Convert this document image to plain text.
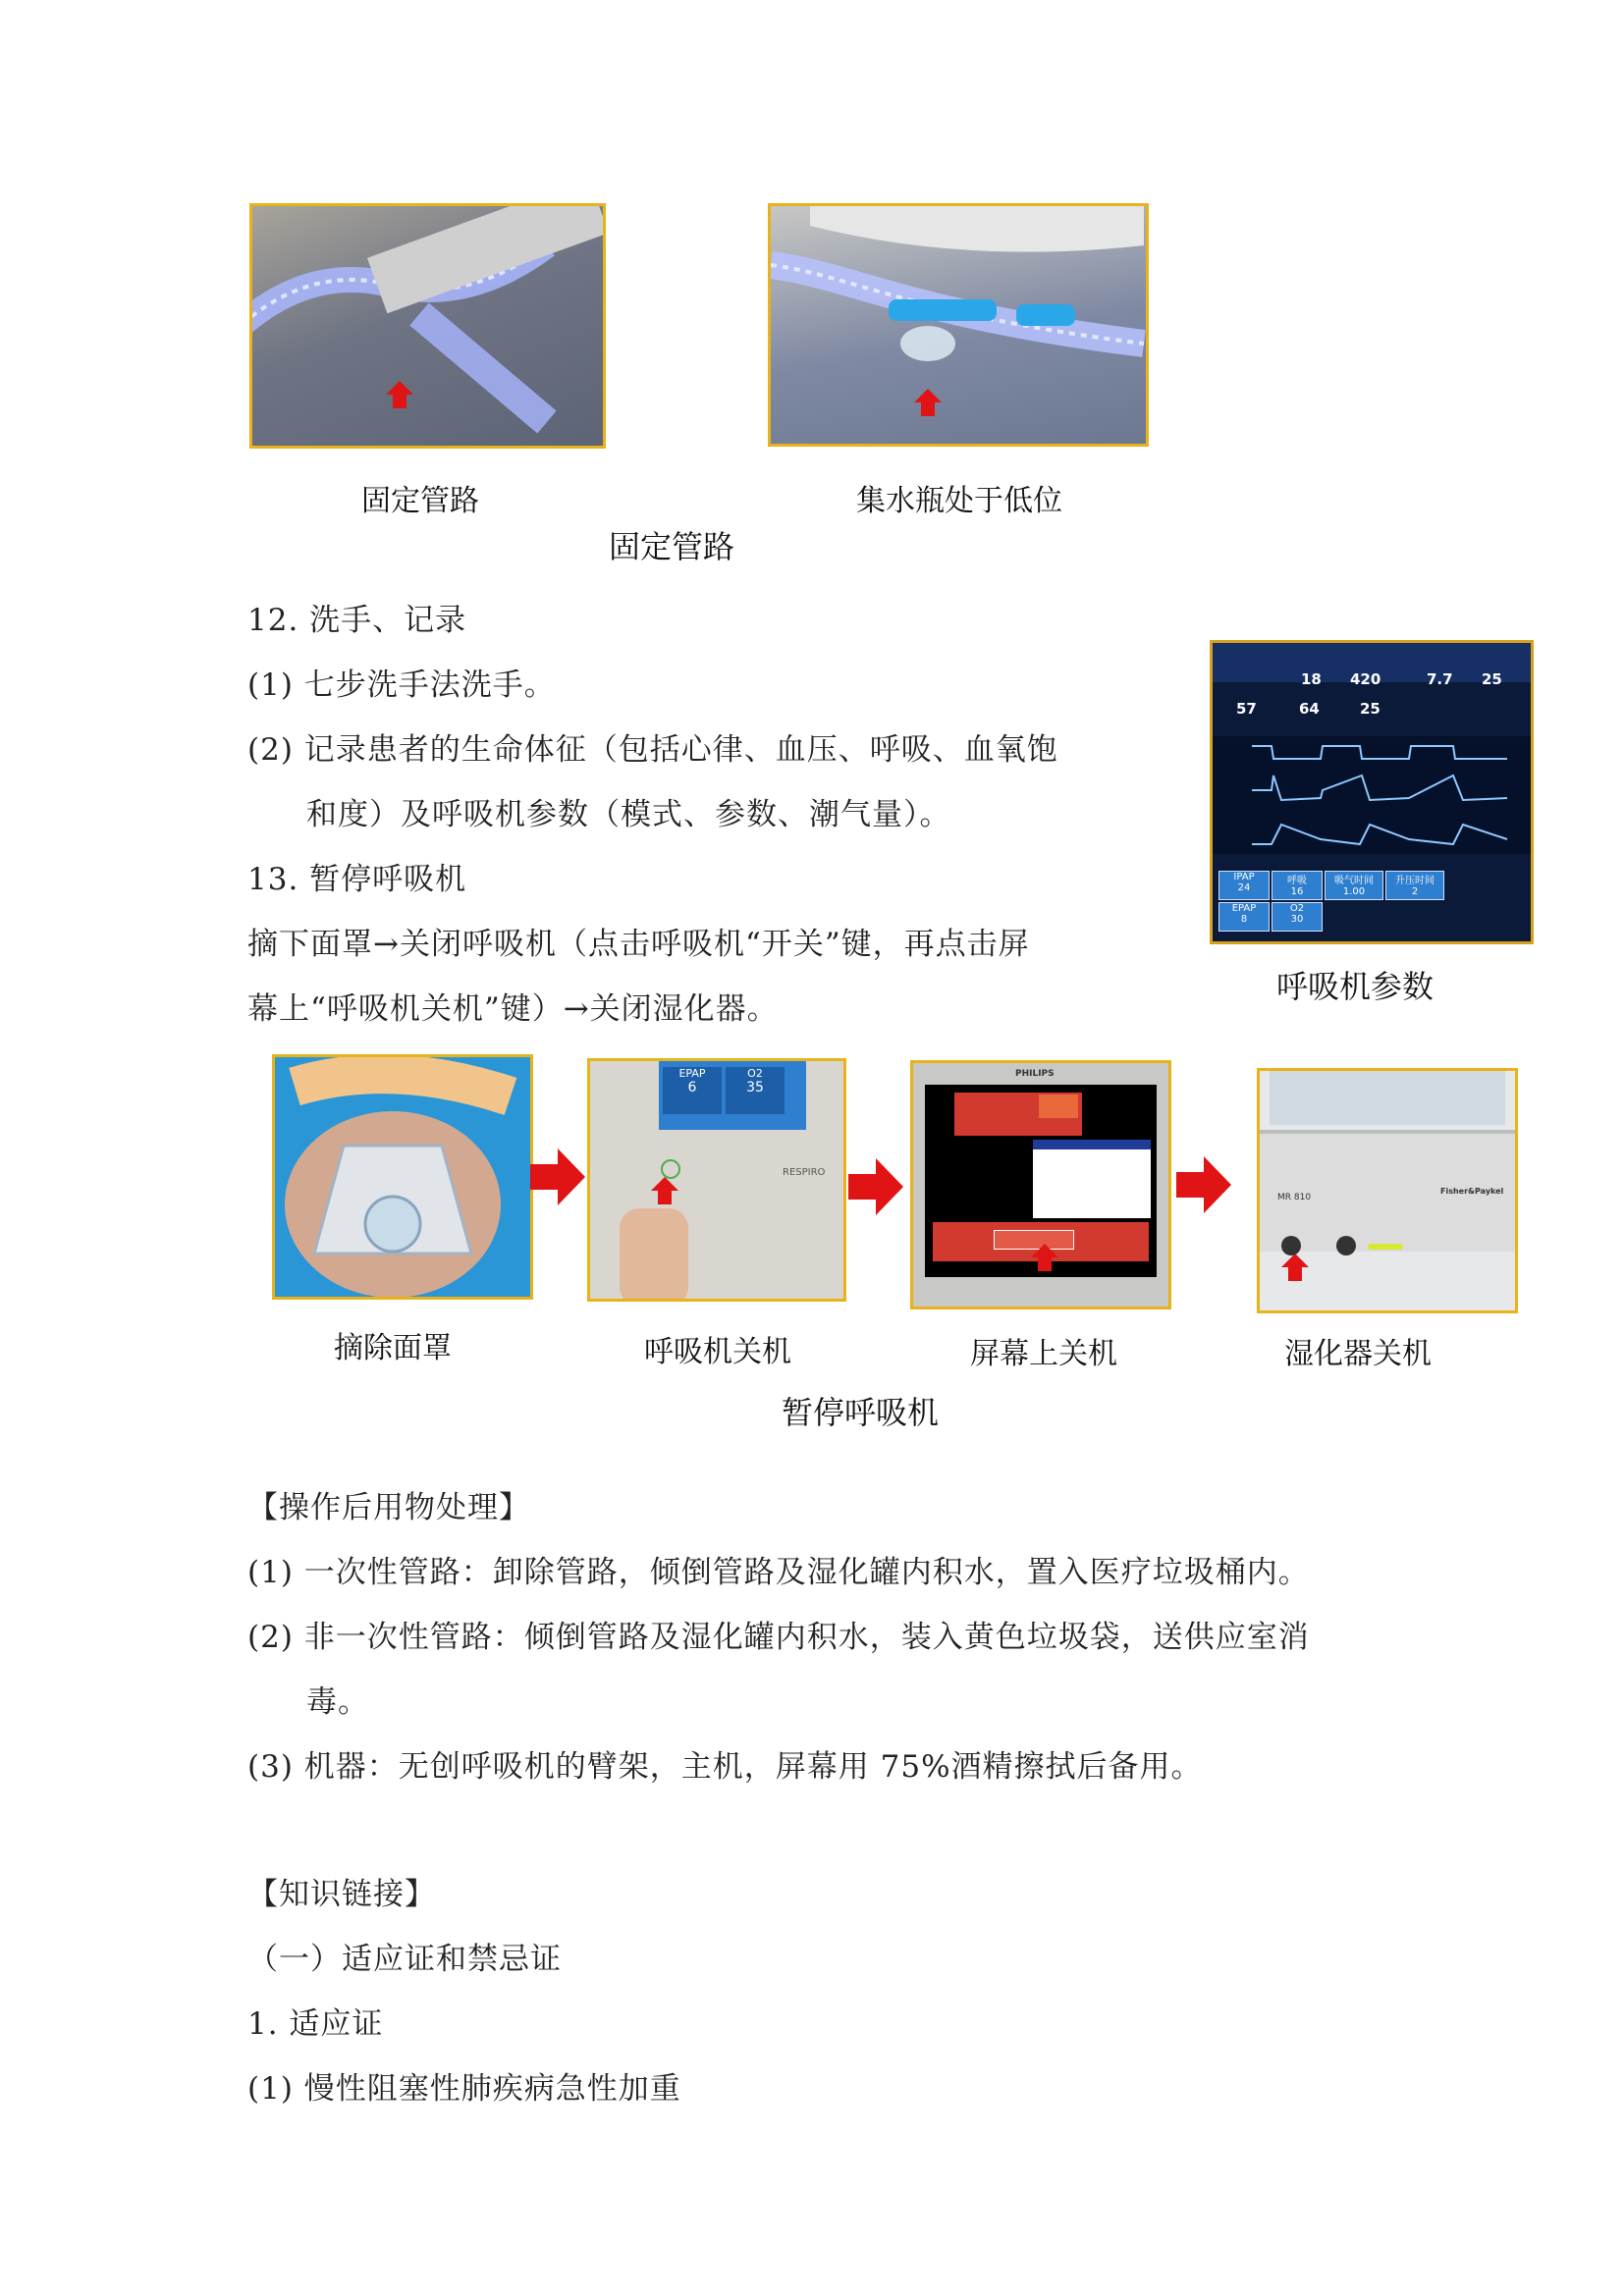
固定管路	集水瓶处于低位
固定管路
12. 洗手、记录
(1) 七步洗手法洗手。
(2) 记录患者的生命体征（包括心律、血压、呼吸、血氧饱
和度）及呼吸机参数（模式、参数、潮气量）。
13. 暂停呼吸机
摘下面罩→关闭呼吸机（点击呼吸机“开关”键，再点击屏
幕上“呼吸机关机”键）→关闭湿化器。
18 420	7.7 25
57	64	25
IPAP
24
呼吸
16
吸气时间
1.00
升压时间
2
EPAP
8
O2
30
呼吸机参数
摘除面罩
EPAP
6
O2
35
RESPIRO
呼吸机关机
PHILIPS
屏幕上关机
MR 810
Fisher&Paykel
湿化器关机
暂停呼吸机
【操作后用物处理】
(1) 一次性管路：卸除管路，倾倒管路及湿化罐内积水，置入医疗垃圾桶内。
(2) 非一次性管路：倾倒管路及湿化罐内积水，装入黄色垃圾袋，送供应室消
毒。
(3) 机器：无创呼吸机的臂架，主机，屏幕用 75%酒精擦拭后备用。
【知识链接】
（一）适应证和禁忌证
1. 适应证
(1) 慢性阻塞性肺疾病急性加重
